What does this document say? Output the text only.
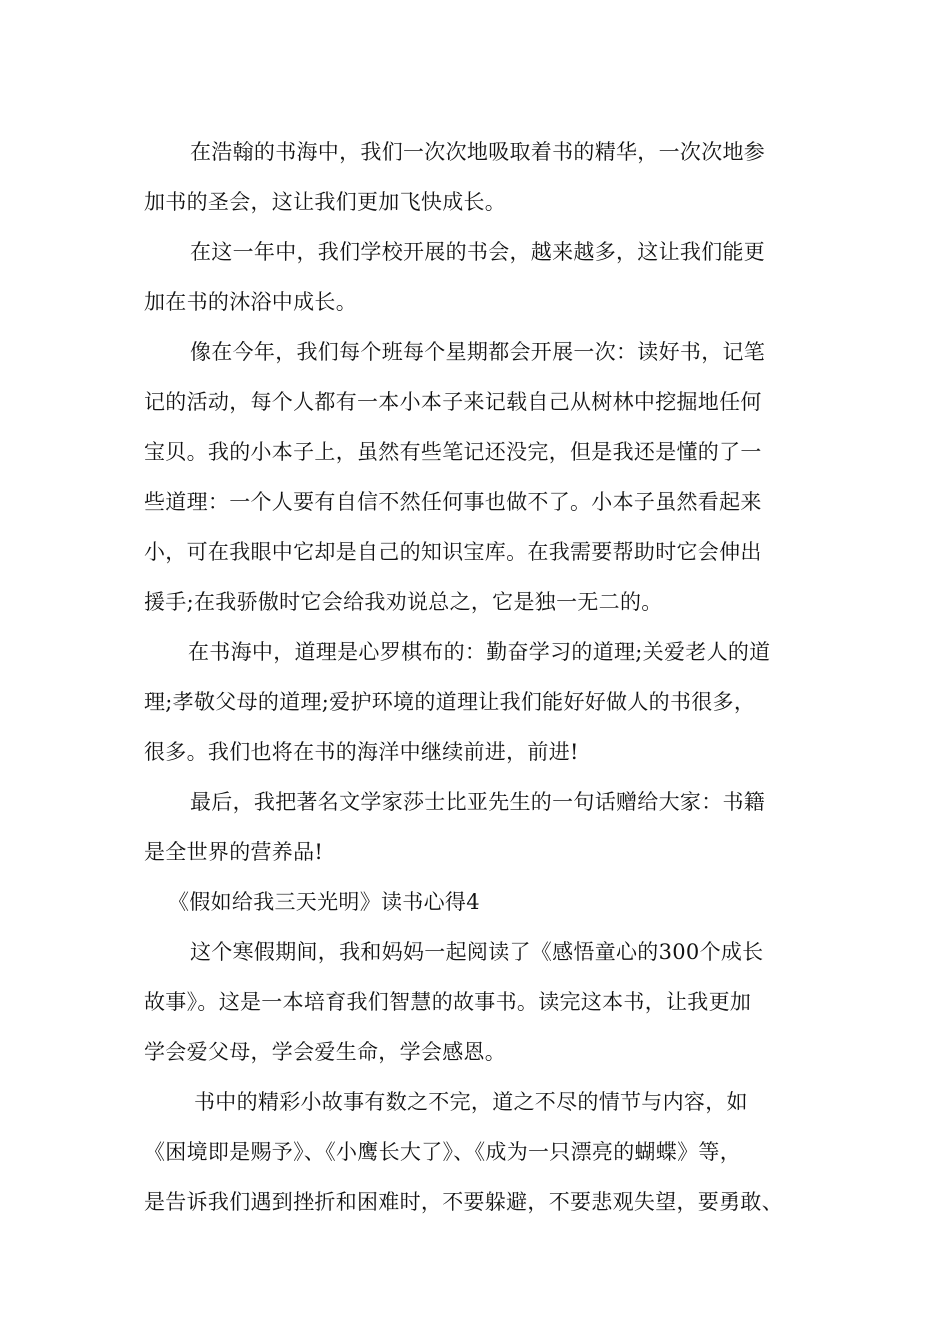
在浩翰的书海中，我们一次次地吸取着书的精华，一次次地参
加书的圣会，这让我们更加飞快成长。

在这一年中，我们学校开展的书会，越来越多，这让我们能更
加在书的沐浴中成长。

像在今年，我们每个班每个星期都会开展一次：读好书，记笔
记的活动，每个人都有一本小本子来记载自己从树林中挖掘地任何
宝贝。我的小本子上，虽然有些笔记还没完，但是我还是懂的了一
些道理：一个人要有自信不然任何事也做不了。小本子虽然看起来
小，可在我眼中它却是自己的知识宝库。在我需要帮助时它会伸出
援手;在我骄傲时它会给我劝说总之，它是独一无二的。

在书海中，道理是心罗棋布的：勤奋学习的道理;关爱老人的道
理;孝敬父母的道理;爱护环境的道理让我们能好好做人的书很多，
很多。我们也将在书的海洋中继续前进，前进!

最后，我把著名文学家莎士比亚先生的一句话赠给大家：书籍
是全世界的营养品!

《假如给我三天光明》读书心得4

这个寒假期间，我和妈妈一起阅读了《感悟童心的300个成长
故事》。这是一本培育我们智慧的故事书。读完这本书，让我更加
学会爱父母，学会爱生命，学会感恩。

书中的精彩小故事有数之不完，道之不尽的情节与内容，如
《困境即是赐予》、《小鹰长大了》、《成为一只漂亮的蝴蝶》等，
是告诉我们遇到挫折和困难时，不要躲避，不要悲观失望，要勇敢、
